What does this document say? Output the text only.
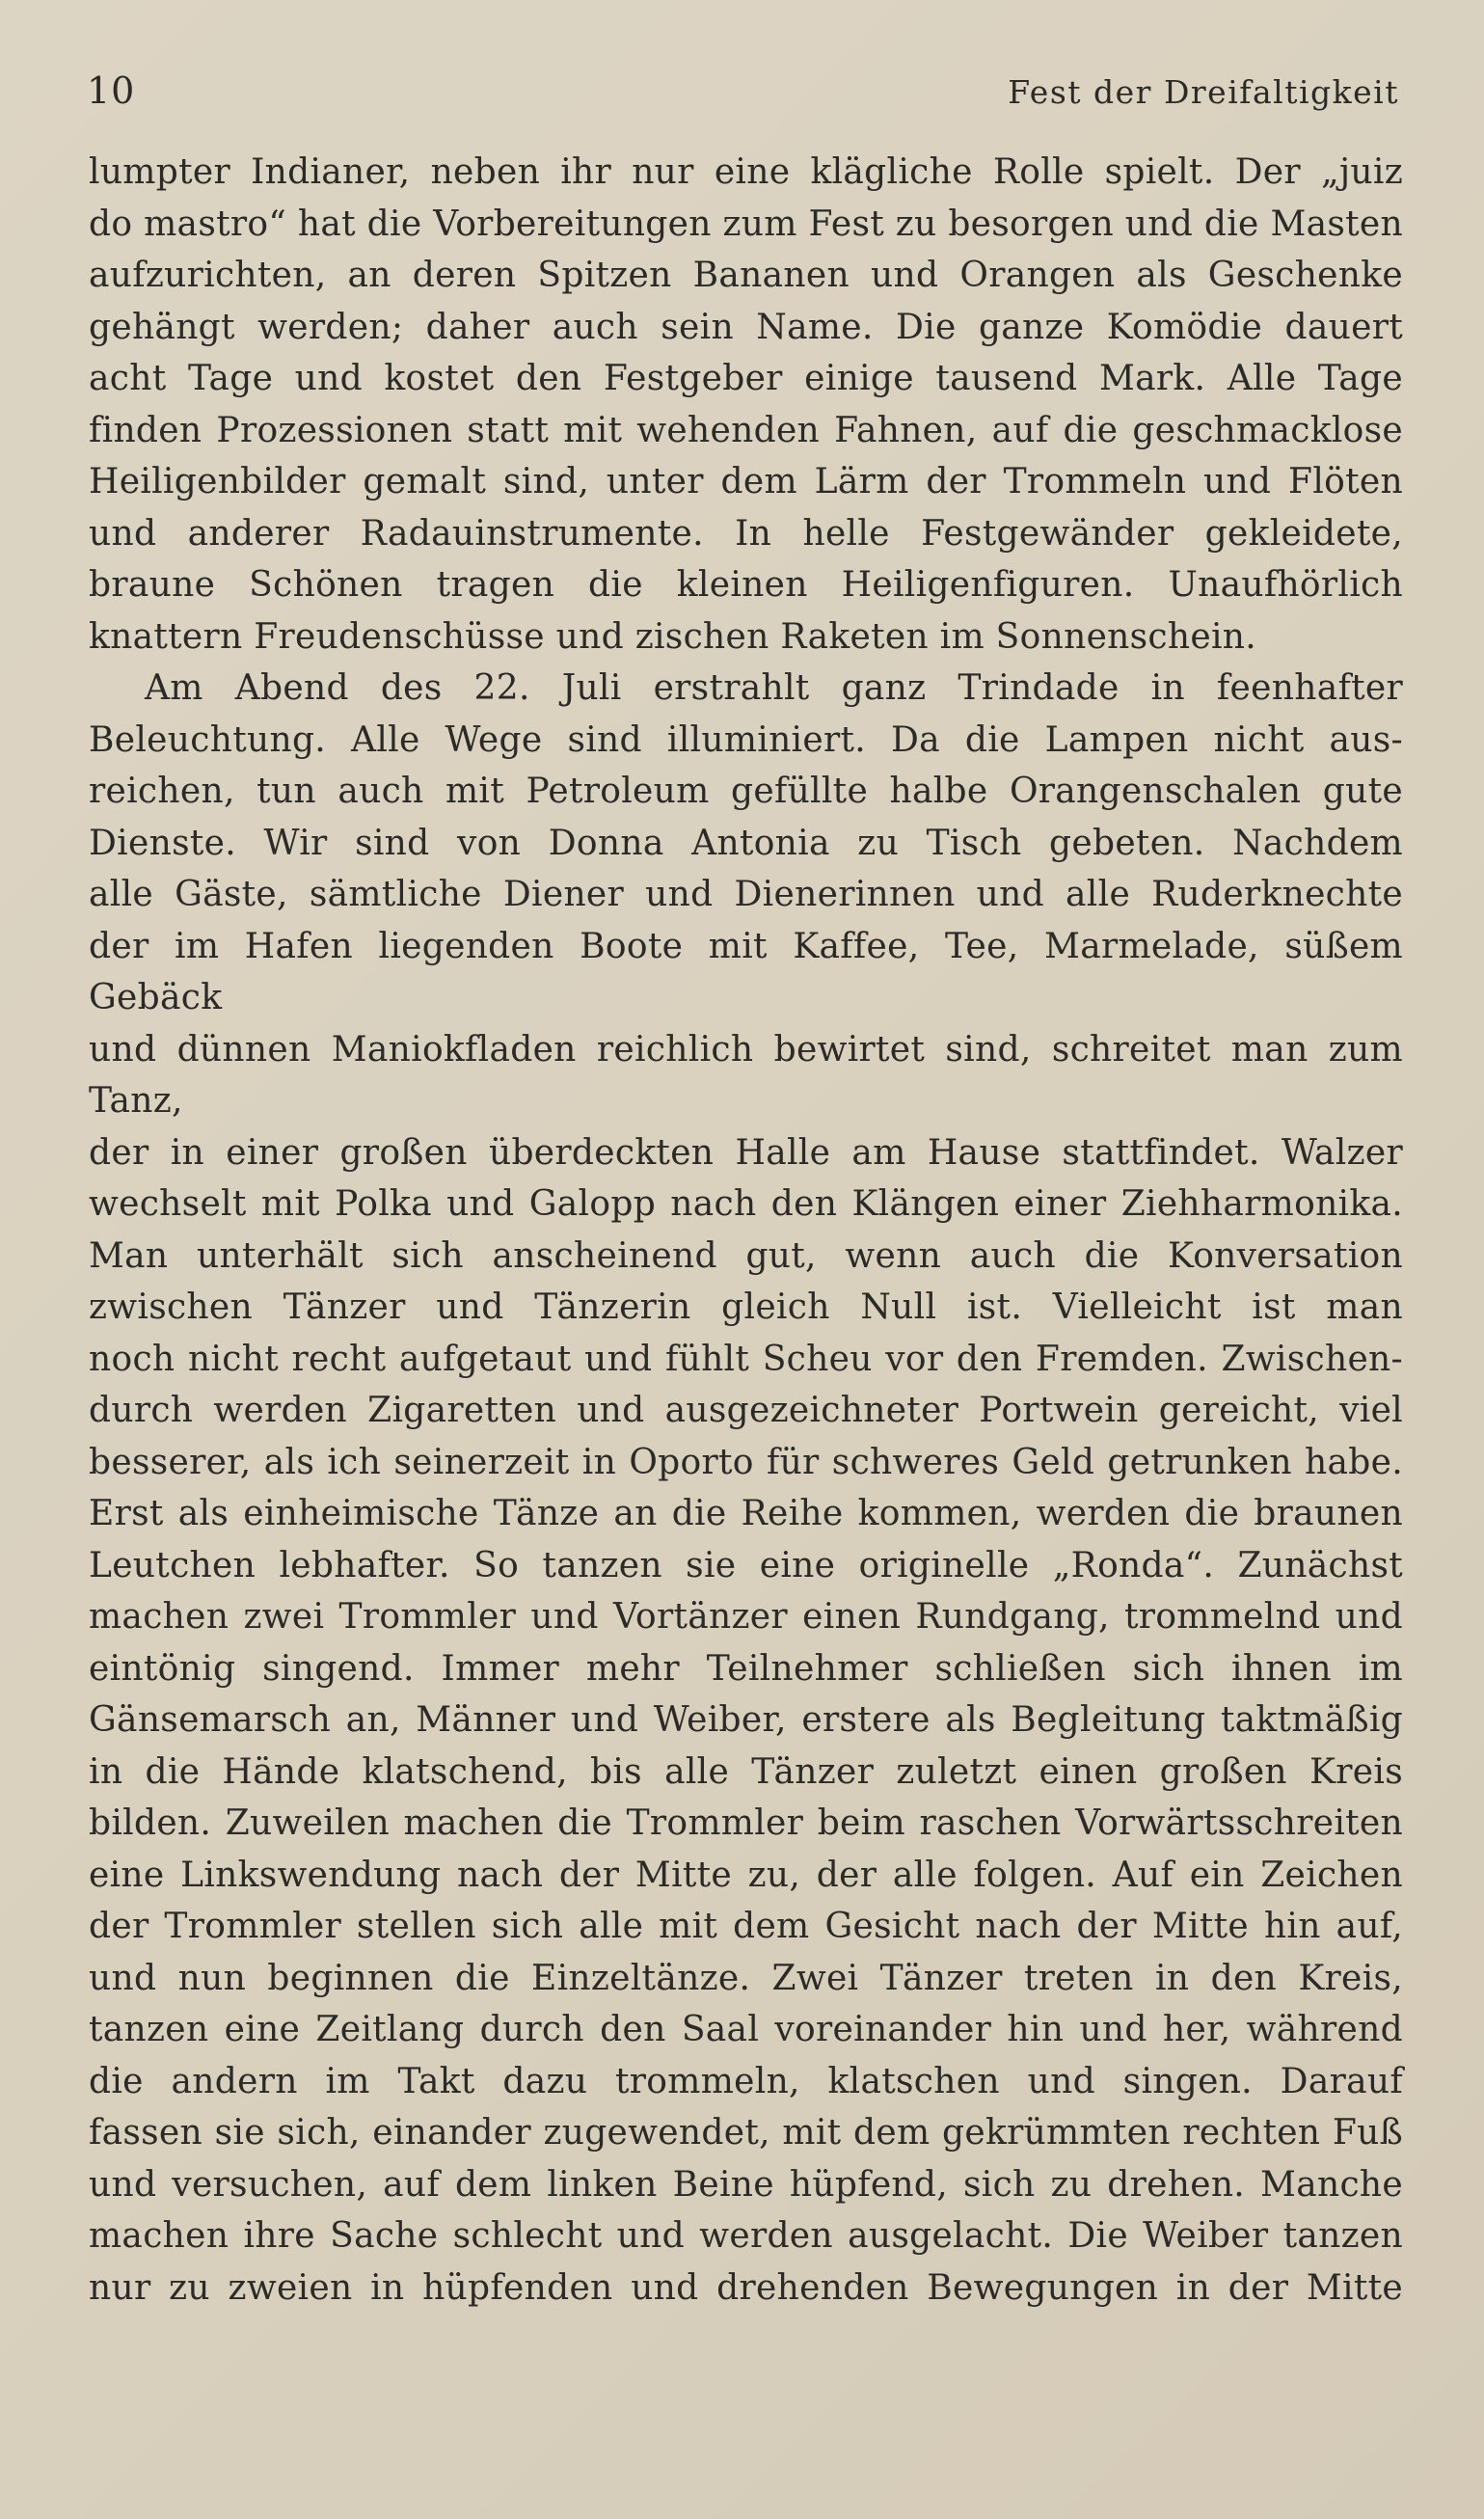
10	Fest der Dreifaltigkeit
lumpter Indianer, neben ihr nur eine klägliche Rolle spielt. Der „juiz
do mastro“ hat die Vorbereitungen zum Fest zu besorgen und die Masten
aufzurichten, an deren Spitzen Bananen und Orangen als Geschenke
gehängt werden; daher auch sein Name. Die ganze Komödie dauert
acht Tage und kostet den Festgeber einige tausend Mark. Alle Tage
finden Prozessionen statt mit wehenden Fahnen, auf die geschmacklose
Heiligenbilder gemalt sind, unter dem Lärm der Trommeln und Flöten
und anderer Radauinstrumente. In helle Festgewänder gekleidete,
braune Schönen tragen die kleinen Heiligenfiguren. Unaufhörlich
knattern Freudenschüsse und zischen Raketen im Sonnenschein.
Am Abend des 22. Juli erstrahlt ganz Trindade in feenhafter
Beleuchtung. Alle Wege sind illuminiert. Da die Lampen nicht aus-
reichen, tun auch mit Petroleum gefüllte halbe Orangenschalen gute
Dienste. Wir sind von Donna Antonia zu Tisch gebeten. Nachdem
alle Gäste, sämtliche Diener und Dienerinnen und alle Ruderknechte
der im Hafen liegenden Boote mit Kaffee, Tee, Marmelade, süßem Gebäck
und dünnen Maniokfladen reichlich bewirtet sind, schreitet man zum Tanz,
der in einer großen überdeckten Halle am Hause stattfindet. Walzer
wechselt mit Polka und Galopp nach den Klängen einer Ziehharmonika.
Man unterhält sich anscheinend gut, wenn auch die Konversation
zwischen Tänzer und Tänzerin gleich Null ist. Vielleicht ist man
noch nicht recht aufgetaut und fühlt Scheu vor den Fremden. Zwischen-
durch werden Zigaretten und ausgezeichneter Portwein gereicht, viel
besserer, als ich seinerzeit in Oporto für schweres Geld getrunken habe.
Erst als einheimische Tänze an die Reihe kommen, werden die braunen
Leutchen lebhafter. So tanzen sie eine originelle „Ronda“. Zunächst
machen zwei Trommler und Vortänzer einen Rundgang, trommelnd und
eintönig singend. Immer mehr Teilnehmer schließen sich ihnen im
Gänsemarsch an, Männer und Weiber, erstere als Begleitung taktmäßig
in die Hände klatschend, bis alle Tänzer zuletzt einen großen Kreis
bilden. Zuweilen machen die Trommler beim raschen Vorwärtsschreiten
eine Linkswendung nach der Mitte zu, der alle folgen. Auf ein Zeichen
der Trommler stellen sich alle mit dem Gesicht nach der Mitte hin auf,
und nun beginnen die Einzeltänze. Zwei Tänzer treten in den Kreis,
tanzen eine Zeitlang durch den Saal voreinander hin und her, während
die andern im Takt dazu trommeln, klatschen und singen. Darauf
fassen sie sich, einander zugewendet, mit dem gekrümmten rechten Fuß
und versuchen, auf dem linken Beine hüpfend, sich zu drehen. Manche
machen ihre Sache schlecht und werden ausgelacht. Die Weiber tanzen
nur zu zweien in hüpfenden und drehenden Bewegungen in der Mitte
